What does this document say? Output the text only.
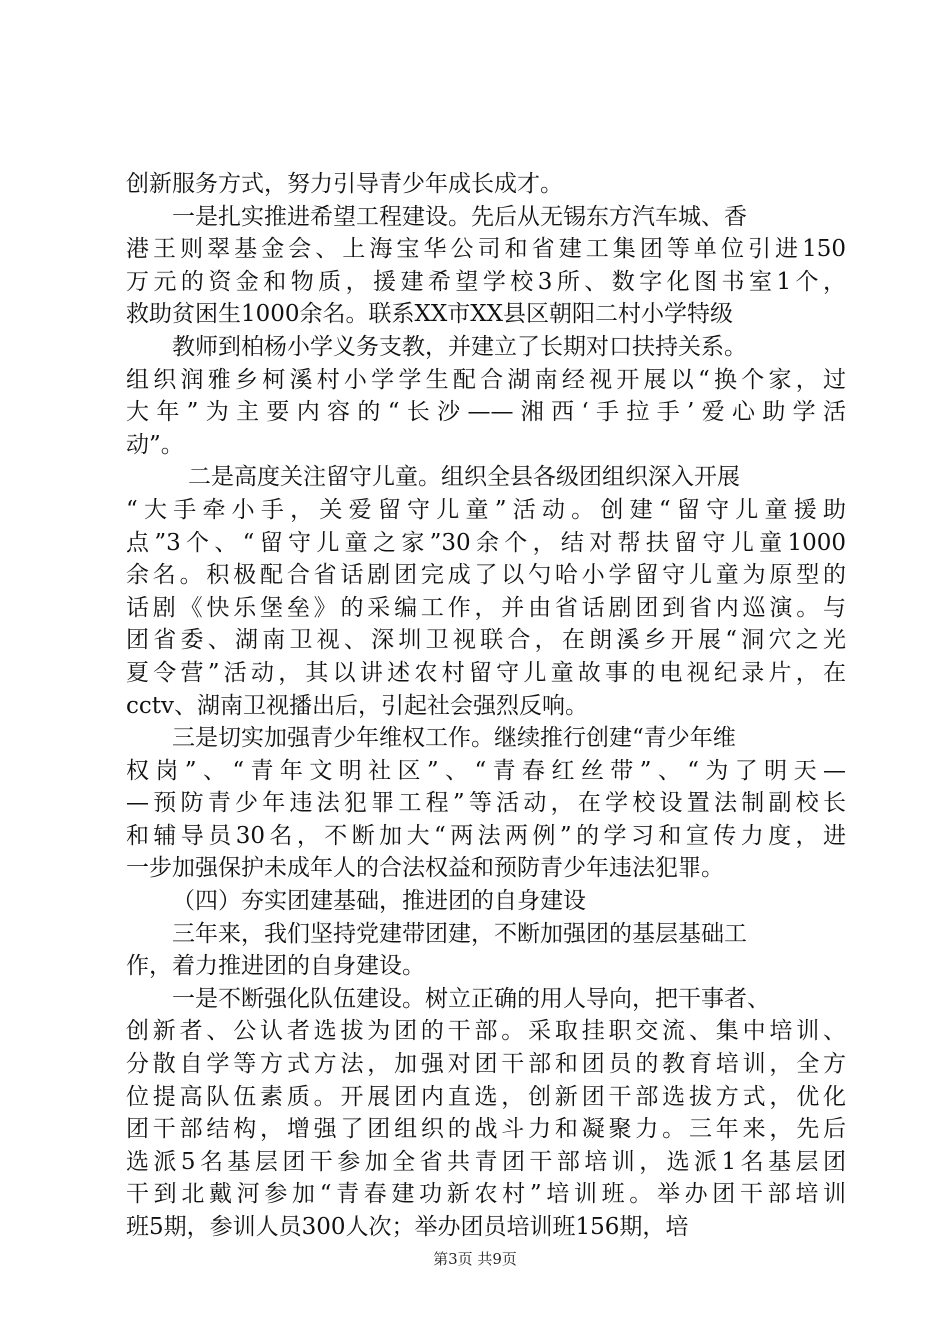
创新服务方式，努力引导青少年成长成才。
一是扎实推进希望工程建设。先后从无锡东方汽车城、香
港王则翠基金会、上海宝华公司和省建工集团等单位引进150
万元的资金和物质，援建希望学校3所、数字化图书室1个，
救助贫困生1000余名。联系XX市XX县区朝阳二村小学特级
教师到柏杨小学义务支教，并建立了长期对口扶持关系。
组织润雅乡柯溪村小学学生配合湖南经视开展以“换个家，过
大年”为主要内容的“长沙——湘西‘手拉手’爱心助学活
动”。
二是高度关注留守儿童。组织全县各级团组织深入开展
“大手牵小手，关爱留守儿童”活动。创建“留守儿童援助
点”3个、“留守儿童之家”30余个，结对帮扶留守儿童1000
余名。积极配合省话剧团完成了以勺哈小学留守儿童为原型的
话剧《快乐堡垒》的采编工作，并由省话剧团到省内巡演。与
团省委、湖南卫视、深圳卫视联合，在朗溪乡开展“洞穴之光
夏令营”活动，其以讲述农村留守儿童故事的电视纪录片，在
cctv、湖南卫视播出后，引起社会强烈反响。
三是切实加强青少年维权工作。继续推行创建“青少年维
权岗”、“青年文明社区”、“青春红丝带”、“为了明天—
—预防青少年违法犯罪工程”等活动，在学校设置法制副校长
和辅导员30名，不断加大“两法两例”的学习和宣传力度，进
一步加强保护未成年人的合法权益和预防青少年违法犯罪。
（四）夯实团建基础，推进团的自身建设
三年来，我们坚持党建带团建，不断加强团的基层基础工
作，着力推进团的自身建设。
一是不断强化队伍建设。树立正确的用人导向，把干事者、
创新者、公认者选拔为团的干部。采取挂职交流、集中培训、
分散自学等方式方法，加强对团干部和团员的教育培训，全方
位提高队伍素质。开展团内直选，创新团干部选拔方式，优化
团干部结构，增强了团组织的战斗力和凝聚力。三年来，先后
选派5名基层团干参加全省共青团干部培训，选派1名基层团
干到北戴河参加“青春建功新农村”培训班。举办团干部培训
班5期，参训人员300人次；举办团员培训班156期，培
第3页 共9页
